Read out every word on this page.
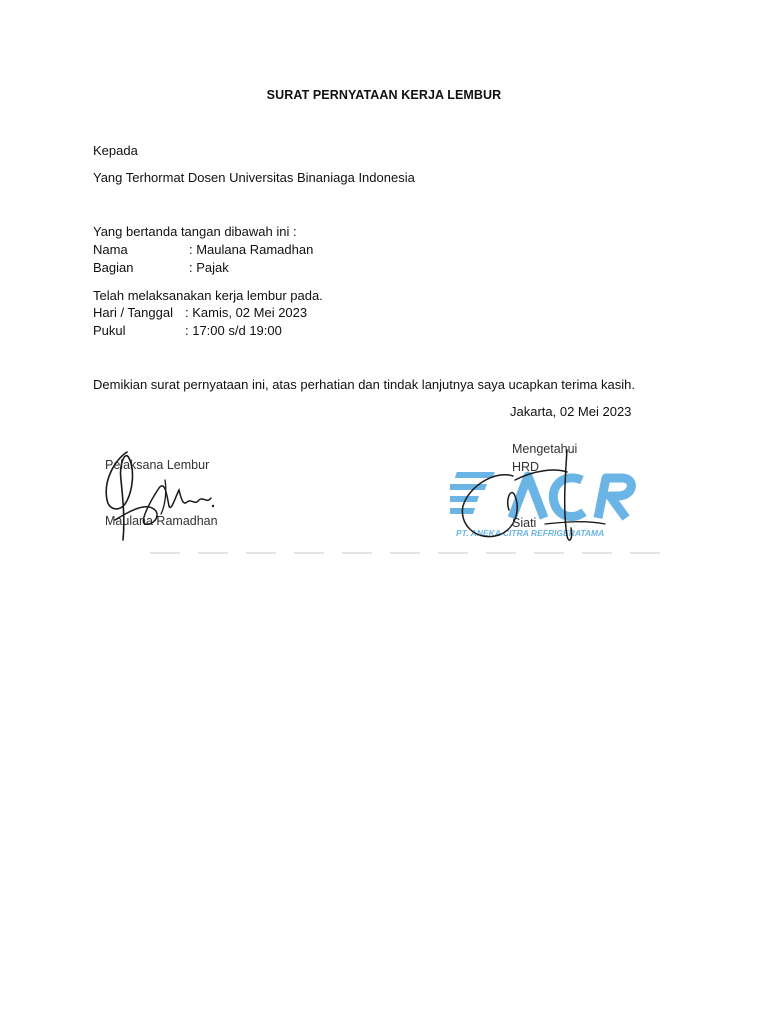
SURAT PERNYATAAN KERJA LEMBUR
Kepada
Yang Terhormat Dosen Universitas Binaniaga Indonesia
Yang bertanda tangan dibawah ini :
Nama	: Maulana Ramadhan
Bagian	: Pajak
Telah melaksanakan kerja lembur pada.
Hari / Tanggal : Kamis, 02 Mei 2023
Pukul	: 17:00 s/d 19:00
Demikian surat pernyataan ini, atas perhatian dan tindak lanjutnya saya ucapkan terima kasih.
Jakarta, 02 Mei 2023
Pelaksana Lembur
Maulana Ramadhan
Mengetahui
HRD
PT. ANEKA CITRA REFRIGERATAMA
Siati
